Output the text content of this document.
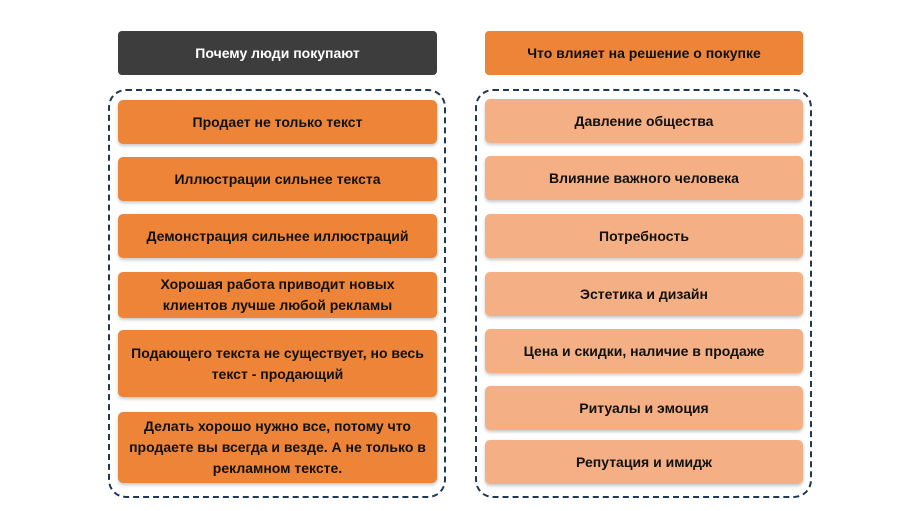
Почему люди покупают	Что влияет на решение о покупке
Продает не только текст
Иллюстрации сильнее текста
Демонстрация сильнее иллюстраций
Хорошая работа приводит новых клиентов лучше любой рекламы
Подающего текста не существует, но весь текст - продающий
Делать хорошо нужно все, потому что продаете вы всегда и везде. А не только в рекламном тексте.
Давление общества
Влияние важного человека
Потребность
Эстетика и дизайн
Цена и скидки, наличие в продаже
Ритуалы и эмоция
Репутация и имидж
